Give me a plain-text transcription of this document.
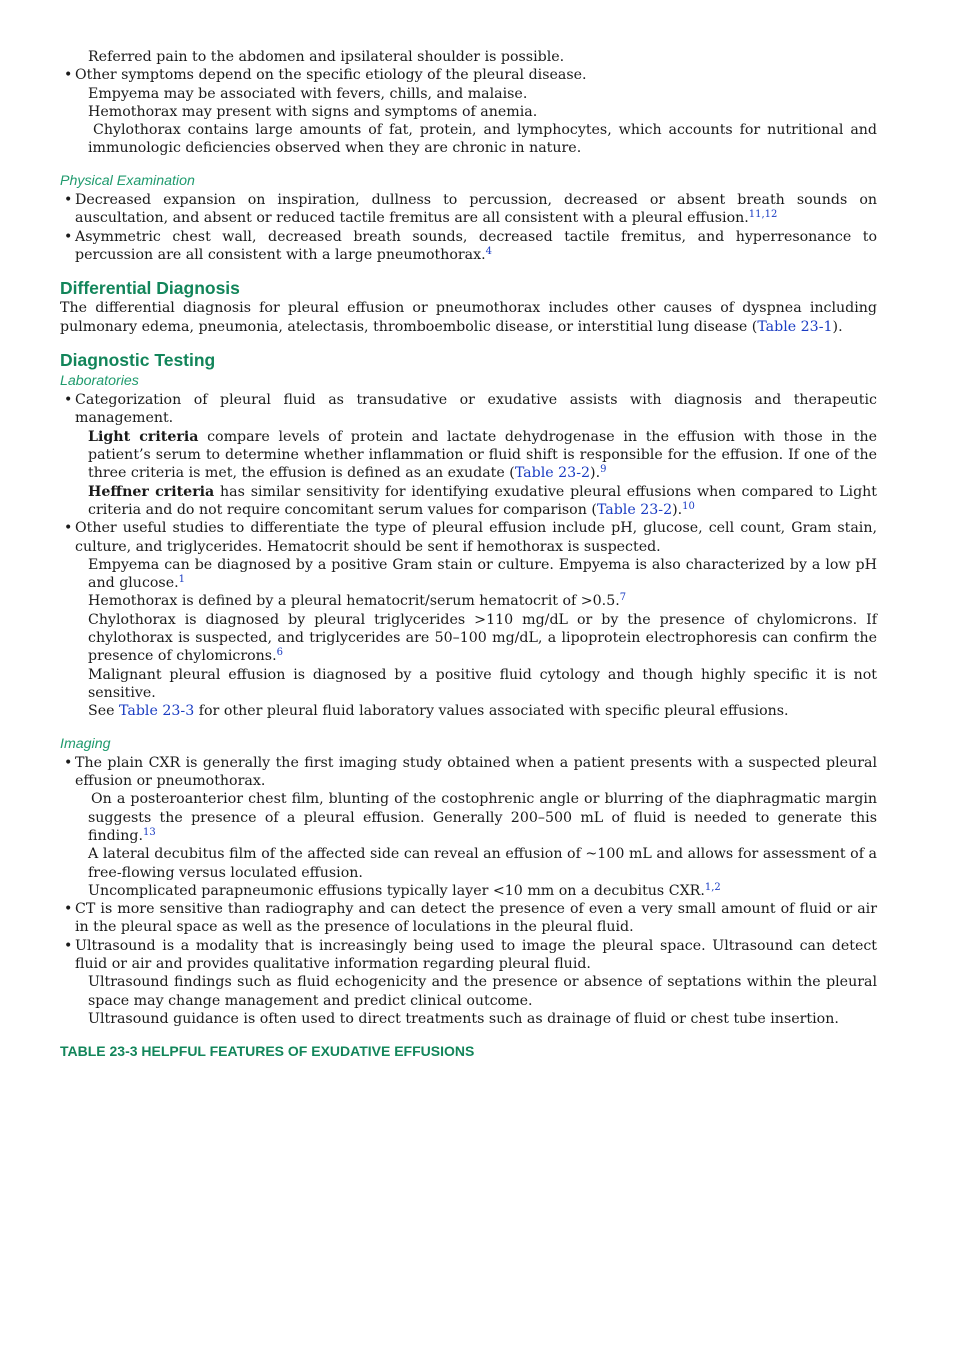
Referred pain to the abdomen and ipsilateral shoulder is possible.

• Other symptoms depend on the specific etiology of the pleural disease.

Empyema may be associated with fevers, chills, and malaise.

Hemothorax may present with signs and symptoms of anemia.

Chylothorax contains large amounts of fat, protein, and lymphocytes, which accounts for nutritional and immunologic deficiencies observed when they are chronic in nature.

Physical Examination

• Decreased expansion on inspiration, dullness to percussion, decreased or absent breath sounds on auscultation, and absent or reduced tactile fremitus are all consistent with a pleural effusion.$^{11,12}$

• Asymmetric chest wall, decreased breath sounds, decreased tactile fremitus, and hyperresonance to percussion are all consistent with a large pneumothorax.$^4$

Differential Diagnosis

The differential diagnosis for pleural effusion or pneumothorax includes other causes of dyspnea including pulmonary edema, pneumonia, atelectasis, thromboembolic disease, or interstitial lung disease (Table 23-1).

Diagnostic Testing
Laboratories

• Categorization of pleural fluid as transudative or exudative assists with diagnosis and therapeutic management.

Light criteria compare levels of protein and lactate dehydrogenase in the effusion with those in the patient’s serum to determine whether inflammation or fluid shift is responsible for the effusion. If one of the three criteria is met, the effusion is defined as an exudate (Table 23-2).$^9$

Heffner criteria has similar sensitivity for identifying exudative pleural effusions when compared to Light criteria and do not require concomitant serum values for comparison (Table 23-2).$^{10}$

• Other useful studies to differentiate the type of pleural effusion include pH, glucose, cell count, Gram stain, culture, and triglycerides. Hematocrit should be sent if hemothorax is suspected.

Empyema can be diagnosed by a positive Gram stain or culture. Empyema is also characterized by a low pH and glucose.$^1$

Hemothorax is defined by a pleural hematocrit/serum hematocrit of >0.5.$^7$

Chylothorax is diagnosed by pleural triglycerides >110 mg/dL or by the presence of chylomicrons. If chylothorax is suspected, and triglycerides are 50–100 mg/dL, a lipoprotein electrophoresis can confirm the presence of chylomicrons.$^6$

Malignant pleural effusion is diagnosed by a positive fluid cytology and though highly specific it is not sensitive.

See Table 23-3 for other pleural fluid laboratory values associated with specific pleural effusions.

Imaging

• The plain CXR is generally the first imaging study obtained when a patient presents with a suspected pleural effusion or pneumothorax.

On a posteroanterior chest film, blunting of the costophrenic angle or blurring of the diaphragmatic margin suggests the presence of a pleural effusion. Generally 200–500 mL of fluid is needed to generate this finding.$^{13}$

A lateral decubitus film of the affected side can reveal an effusion of ~100 mL and allows for assessment of a free-flowing versus loculated effusion.

Uncomplicated parapneumonic effusions typically layer <10 mm on a decubitus CXR.$^{1,2}$

• CT is more sensitive than radiography and can detect the presence of even a very small amount of fluid or air in the pleural space as well as the presence of loculations in the pleural fluid.

• Ultrasound is a modality that is increasingly being used to image the pleural space. Ultrasound can detect fluid or air and provides qualitative information regarding pleural fluid.

Ultrasound findings such as fluid echogenicity and the presence or absence of septations within the pleural space may change management and predict clinical outcome.

Ultrasound guidance is often used to direct treatments such as drainage of fluid or chest tube insertion.

TABLE 23-3 HELPFUL FEATURES OF EXUDATIVE EFFUSIONS
